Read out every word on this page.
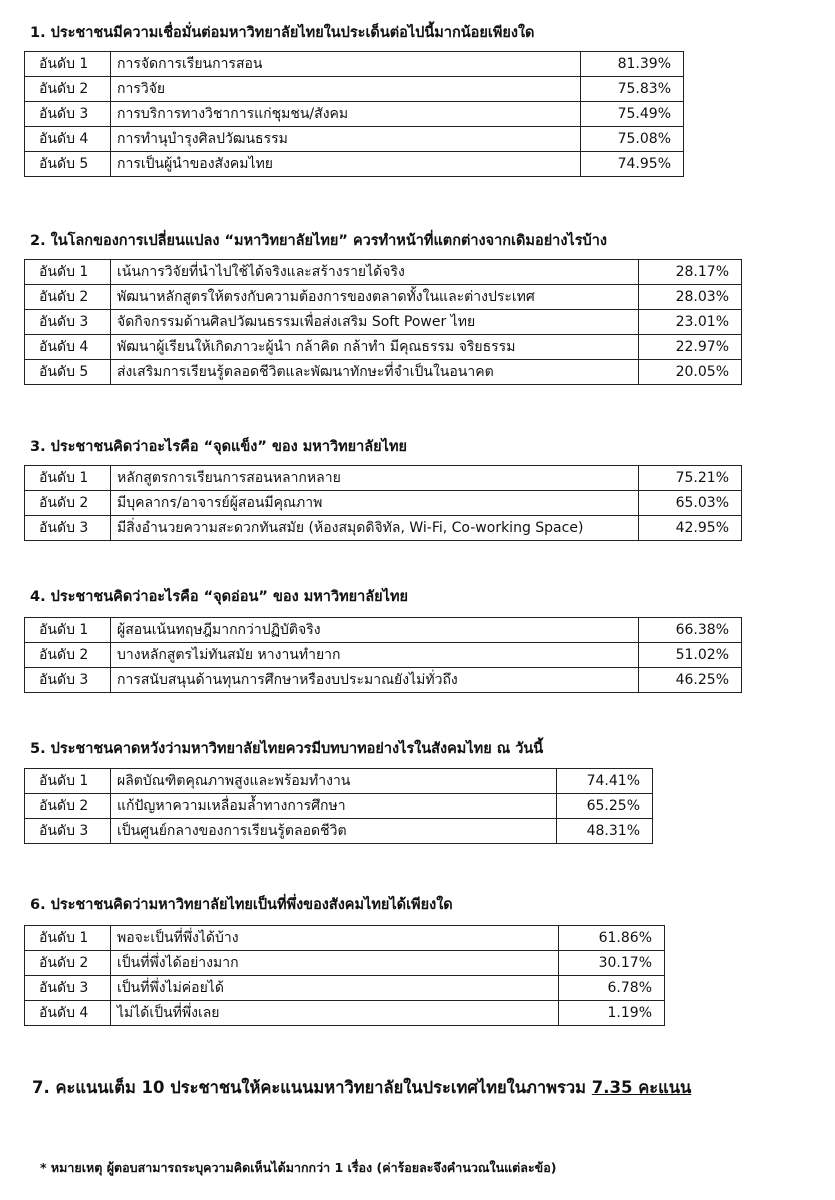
1. ประชาชนมีความเชื่อมั่นต่อมหาวิทยาลัยไทยในประเด็นต่อไปนี้มากน้อยเพียงใด
อันดับ 1	การจัดการเรียนการสอน	81.39%
อันดับ 2	การวิจัย	75.83%
อันดับ 3	การบริการทางวิชาการแก่ชุมชน/สังคม	75.49%
อันดับ 4	การทำนุบำรุงศิลปวัฒนธรรม	75.08%
อันดับ 5	การเป็นผู้นำของสังคมไทย	74.95%
2. ในโลกของการเปลี่ยนแปลง “มหาวิทยาลัยไทย” ควรทำหน้าที่แตกต่างจากเดิมอย่างไรบ้าง
อันดับ 1	เน้นการวิจัยที่นำไปใช้ได้จริงและสร้างรายได้จริง	28.17%
อันดับ 2	พัฒนาหลักสูตรให้ตรงกับความต้องการของตลาดทั้งในและต่างประเทศ	28.03%
อันดับ 3	จัดกิจกรรมด้านศิลปวัฒนธรรมเพื่อส่งเสริม Soft Power ไทย	23.01%
อันดับ 4	พัฒนาผู้เรียนให้เกิดภาวะผู้นำ กล้าคิด กล้าทำ มีคุณธรรม จริยธรรม	22.97%
อันดับ 5	ส่งเสริมการเรียนรู้ตลอดชีวิตและพัฒนาทักษะที่จำเป็นในอนาคต	20.05%
3. ประชาชนคิดว่าอะไรคือ “จุดแข็ง” ของ มหาวิทยาลัยไทย
อันดับ 1	หลักสูตรการเรียนการสอนหลากหลาย	75.21%
อันดับ 2	มีบุคลากร/อาจารย์ผู้สอนมีคุณภาพ	65.03%
อันดับ 3	มีสิ่งอำนวยความสะดวกทันสมัย (ห้องสมุดดิจิทัล, Wi-Fi, Co-working Space)	42.95%
4. ประชาชนคิดว่าอะไรคือ “จุดอ่อน” ของ มหาวิทยาลัยไทย
อันดับ 1	ผู้สอนเน้นทฤษฎีมากกว่าปฏิบัติจริง	66.38%
อันดับ 2	บางหลักสูตรไม่ทันสมัย หางานทำยาก	51.02%
อันดับ 3	การสนับสนุนด้านทุนการศึกษาหรืองบประมาณยังไม่ทั่วถึง	46.25%
5. ประชาชนคาดหวังว่ามหาวิทยาลัยไทยควรมีบทบาทอย่างไรในสังคมไทย ณ วันนี้
อันดับ 1	ผลิตบัณฑิตคุณภาพสูงและพร้อมทำงาน	74.41%
อันดับ 2	แก้ปัญหาความเหลื่อมล้ำทางการศึกษา	65.25%
อันดับ 3	เป็นศูนย์กลางของการเรียนรู้ตลอดชีวิต	48.31%
6. ประชาชนคิดว่ามหาวิทยาลัยไทยเป็นที่พึ่งของสังคมไทยได้เพียงใด
อันดับ 1	พอจะเป็นที่พึ่งได้บ้าง	61.86%
อันดับ 2	เป็นที่พึ่งได้อย่างมาก	30.17%
อันดับ 3	เป็นที่พึ่งไม่ค่อยได้	6.78%
อันดับ 4	ไม่ได้เป็นที่พึ่งเลย	1.19%
7. คะแนนเต็ม 10 ประชาชนให้คะแนนมหาวิทยาลัยในประเทศไทยในภาพรวม 7.35 คะแนน
* หมายเหตุ ผู้ตอบสามารถระบุความคิดเห็นได้มากกว่า 1 เรื่อง (ค่าร้อยละจึงคำนวณในแต่ละข้อ)
